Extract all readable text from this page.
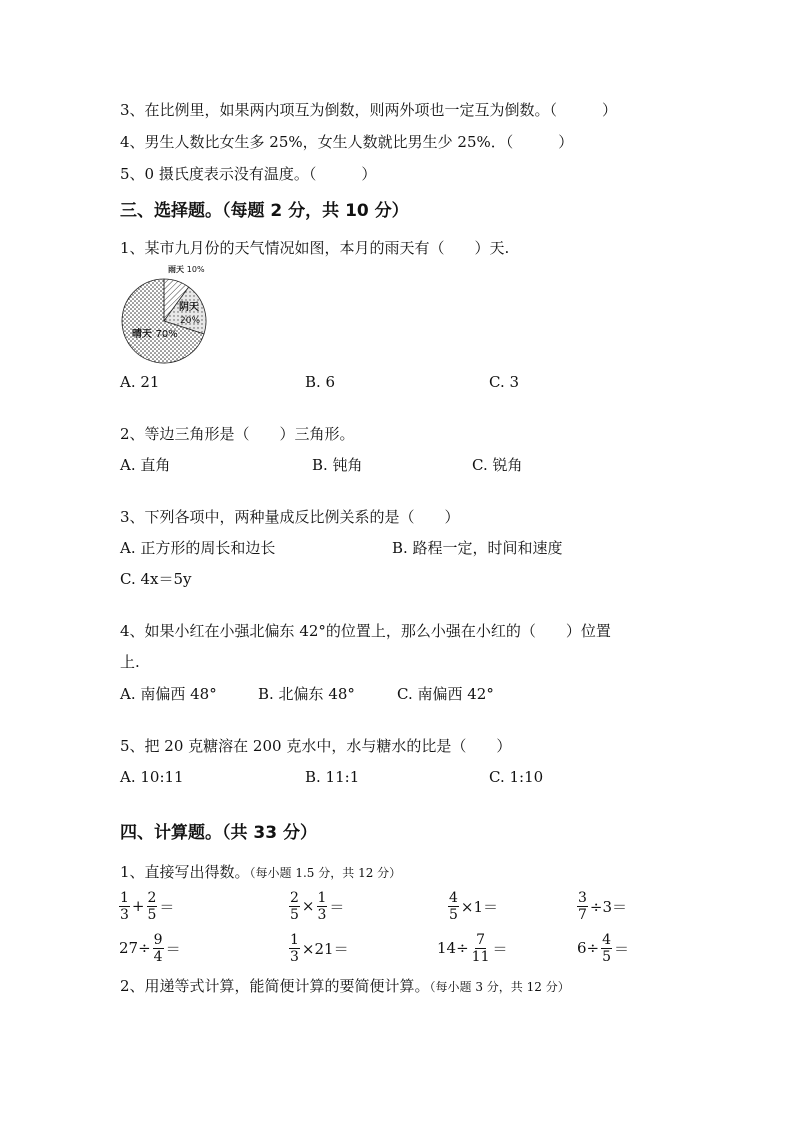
3、在比例里，如果两内项互为倒数，则两外项也一定互为倒数。（　　　）
4、男生人数比女生多 25%，女生人数就比男生少 25%．（　　　）
5、0 摄氏度表示没有温度。（　　　）
三、选择题。（每题 2 分，共 10 分）
1、某市九月份的天气情况如图，本月的雨天有（　　）天.
雨天 10%
阴天
20%
晴天 70%
A. 21	B. 6	C. 3
2、等边三角形是（　　）三角形。
A. 直角	B. 钝角	C. 锐角
3、下列各项中，两种量成反比例关系的是（　　）
A. 正方形的周长和边长	B. 路程一定，时间和速度
C. 4x＝5y
4、如果小红在小强北偏东 42°的位置上，那么小强在小红的（　　）位置
上.
A. 南偏西 48°	B. 北偏东 48°	C. 南偏西 42°
5、把 20 克糖溶在 200 克水中，水与糖水的比是（　　）
A. 10:11	B. 11:1	C. 1:10
四、计算题。（共 33 分）
1、直接写出得数。（每小题 1.5 分，共 12 分）
$\frac{1}{3} + \frac{2}{5}$ ＝	$\frac{2}{5} \times \frac{1}{3}$ ＝	$\frac{4}{5} \times 1=$	$\frac{3}{7} \div 3=$
$27\div \frac{9}{4}$ ＝	$\frac{1}{3} \times 21=$	$14\div \frac{7}{11}$ ＝	$6\div \frac{4}{5}$ ＝
2、用递等式计算，能简便计算的要简便计算。（每小题 3 分，共 12 分）
